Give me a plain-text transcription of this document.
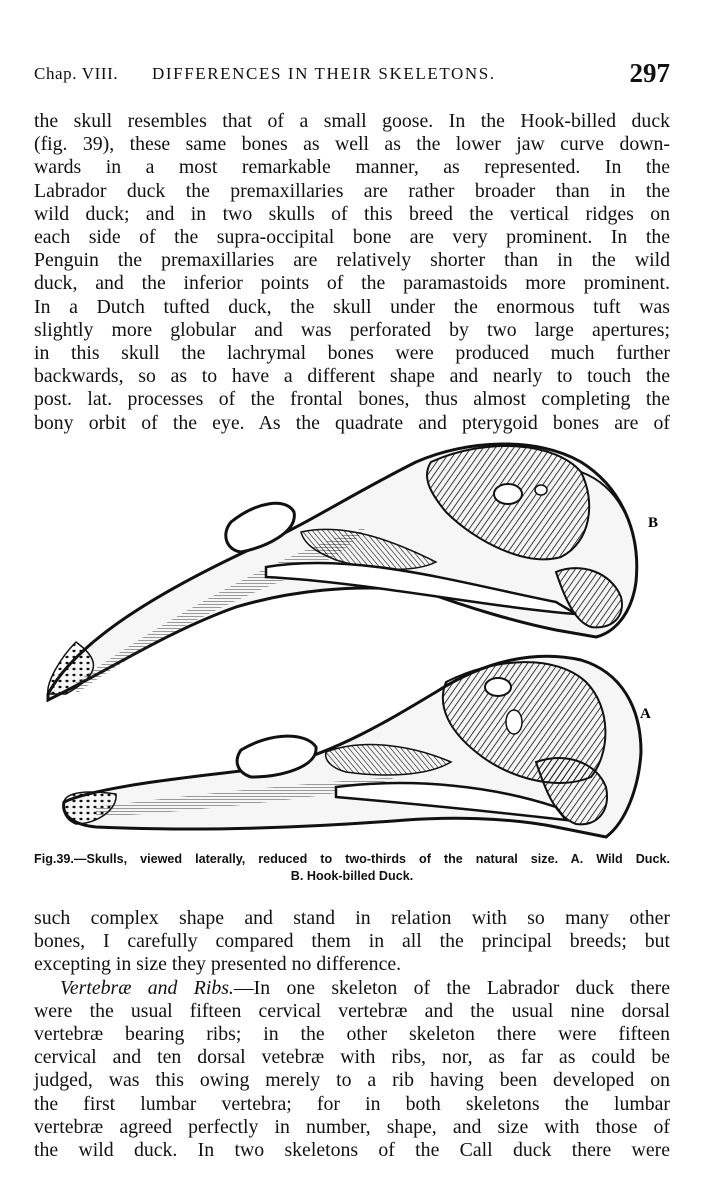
Chap. VIII. DIFFERENCES IN THEIR SKELETONS.	297
the skull resembles that of a small goose. In the Hook-billed duck
(fig. 39), these same bones as well as the lower jaw curve down-
wards in a most remarkable manner, as represented. In the
Labrador duck the premaxillaries are rather broader than in the
wild duck; and in two skulls of this breed the vertical ridges on
each side of the supra-occipital bone are very prominent. In the
Penguin the premaxillaries are relatively shorter than in the wild
duck, and the inferior points of the paramastoids more prominent.
In a Dutch tufted duck, the skull under the enormous tuft was
slightly more globular and was perforated by two large apertures;
in this skull the lachrymal bones were produced much further
backwards, so as to have a different shape and nearly to touch the
post. lat. processes of the frontal bones, thus almost completing the
bony orbit of the eye. As the quadrate and pterygoid bones are of
B
A
Fig.39.—Skulls, viewed laterally, reduced to two-thirds of the natural size. A. Wild Duck.
B. Hook-billed Duck.
such complex shape and stand in relation with so many other
bones, I carefully compared them in all the principal breeds; but
excepting in size they presented no difference.
Vertebræ and Ribs.—In one skeleton of the Labrador duck there
were the usual fifteen cervical vertebræ and the usual nine dorsal
vertebræ bearing ribs; in the other skeleton there were fifteen
cervical and ten dorsal vetebræ with ribs, nor, as far as could be
judged, was this owing merely to a rib having been developed on
the first lumbar vertebra; for in both skeletons the lumbar
vertebræ agreed perfectly in number, shape, and size with those of
the wild duck. In two skeletons of the Call duck there were
